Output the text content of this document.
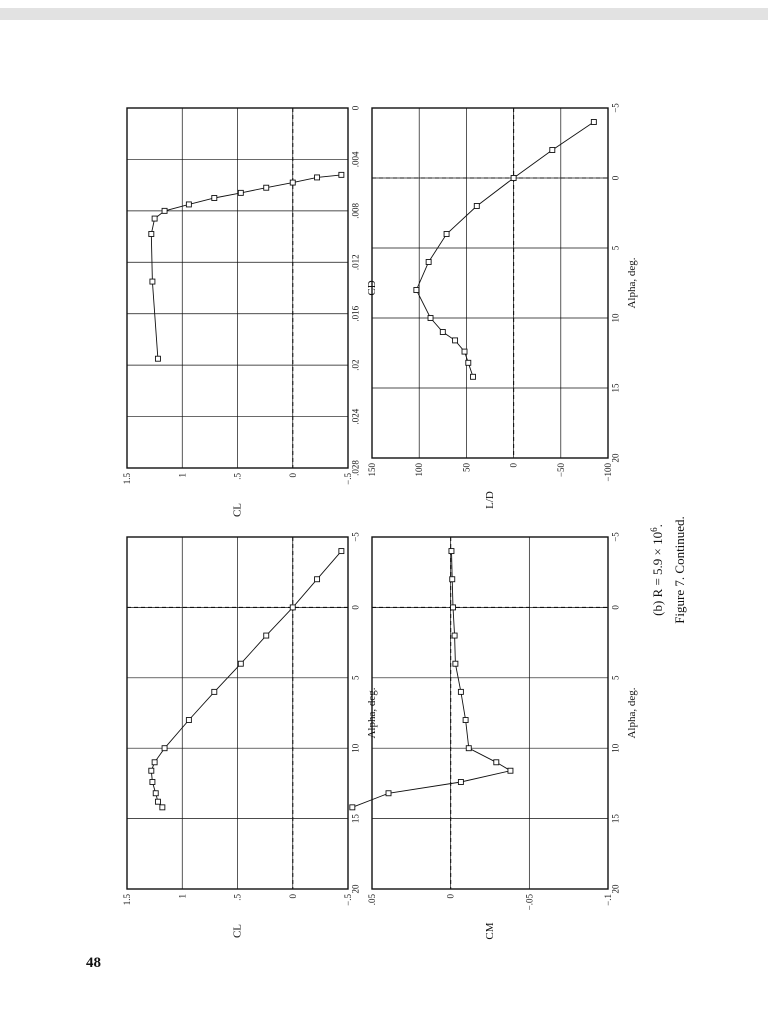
48
−5
0
5
10
15
20
−.5
0
.5
1
1.5
Alpha, deg.
CL
0
.004
.008
.012
.016
.02
.024
.028
−.5
0
.5
1
1.5
CD
CL
−5
0
5
10
15
20
−.1
−.05
0
.05
Alpha, deg.
CM
−5
0
5
10
15
20
−100
−50
0
50
100
150
Alpha, deg.
L/D
(b) $R = 5.9 \times 10^6$. Figure 7. Continued.
